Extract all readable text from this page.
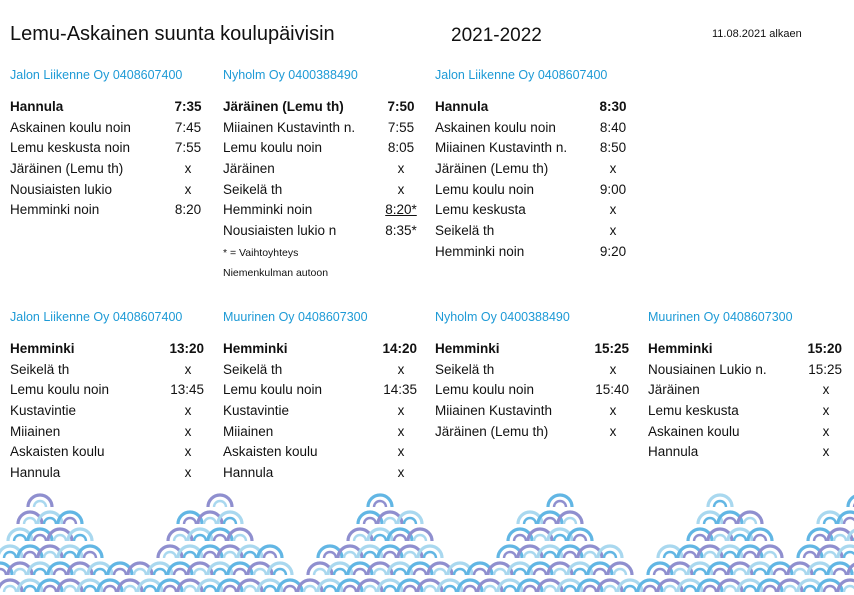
Lemu-Askainen suunta koulupäivisin	2021-2022	11.08.2021 alkaen
Jalon Liikenne Oy 0408607400
Hannula	7:35
Askainen koulu noin	7:45
Lemu keskusta noin	7:55
Järäinen (Lemu th)	x
Nousiaisten lukio	x
Hemminki noin	8:20
Nyholm Oy 0400388490
Järäinen (Lemu th)	7:50
Miiainen Kustavinth n. 7:55
Lemu koulu noin	8:05
Järäinen	x
Seikelä th	x
Hemminki noin	8:20*
Nousiaisten lukio n	8:35*
* = Vaihtoyhteys
Niemenkulman autoon
Jalon Liikenne Oy 0408607400
Hannula	8:30
Askainen koulu noin	8:40
Miiainen Kustavinth n. 8:50
Järäinen (Lemu th)	x
Lemu koulu noin	9:00
Lemu keskusta	x
Seikelä th	x
Hemminki noin	9:20
Jalon Liikenne Oy 0408607400
Hemminki	13:20
Seikelä th	x
Lemu koulu noin	13:45
Kustavintie	x
Miiainen	x
Askaisten koulu	x
Hannula	x
Muurinen Oy 0408607300
Hemminki	14:20
Seikelä th	x
Lemu koulu noin	14:35
Kustavintie	x
Miiainen	x
Askaisten koulu	x
Hannula	x
Nyholm Oy 0400388490
Hemminki	15:25
Seikelä th	x
Lemu koulu noin	15:40
Miiainen Kustavinth	x
Järäinen (Lemu th)	x
Muurinen Oy 0408607300
Hemminki	15:20
Nousiainen Lukio n.	15:25
Järäinen	x
Lemu keskusta	x
Askainen koulu	x
Hannula	x
